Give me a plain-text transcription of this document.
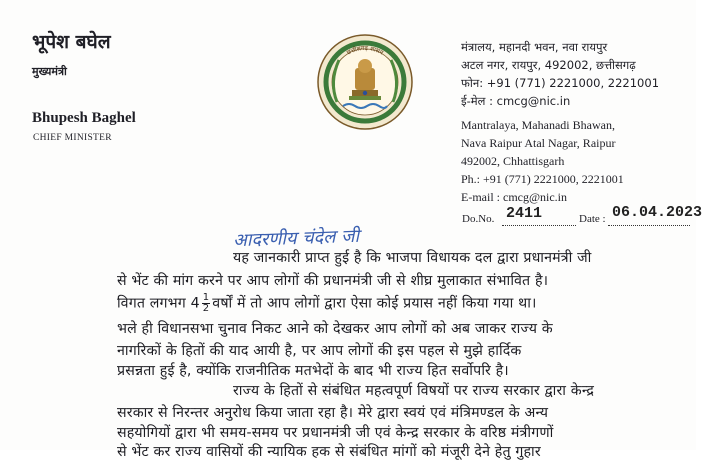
भूपेश बघेल
मुख्यमंत्री
Bhupesh Baghel
CHIEF MINISTER
छत्तीसगढ़ शासन	मंत्रालय, महानदी भवन, नवा रायपुर
अटल नगर, रायपुर, 492002, छत्तीसगढ़
फोन: +91 (771) 2221000, 2221001
ई-मेल : cmcg@nic.in
Mantralaya, Mahanadi Bhawan,
Nava Raipur Atal Nagar, Raipur
492002, Chhattisgarh
Ph.: +91 (771) 2221000, 2221001
E-mail : cmcg@nic.in
Do.No. 2411	Date : 06.04.2023
आदरणीय चंदेल जी
यह जानकारी प्राप्त हुई है कि भाजपा विधायक दल द्वारा प्रधानमंत्री जी
से भेंट की मांग करने पर आप लोगों की प्रधानमंत्री जी से शीघ्र मुलाकात संभावित है।
विगत लगभग $4 \frac{1}{2}$ वर्षों में तो आप लोगों द्वारा ऐसा कोई प्रयास नहीं किया गया था।
भले ही विधानसभा चुनाव निकट आने को देखकर आप लोगों को अब जाकर राज्य के
नागरिकों के हितों की याद आयी है, पर आप लोगों की इस पहल से मुझे हार्दिक
प्रसन्नता हुई है, क्योंकि राजनीतिक मतभेदों के बाद भी राज्य हित सर्वोपरि है।
राज्य के हितों से संबंधित महत्वपूर्ण विषयों पर राज्य सरकार द्वारा केन्द्र
सरकार से निरन्तर अनुरोध किया जाता रहा है। मेरे द्वारा स्वयं एवं मंत्रिमण्डल के अन्य
सहयोगियों द्वारा भी समय-समय पर प्रधानमंत्री जी एवं केन्द्र सरकार के वरिष्ठ मंत्रीगणों
से भेंट कर राज्य वासियों की न्यायिक हक से संबंधित मांगों को मंजूरी देने हेतु गुहार
